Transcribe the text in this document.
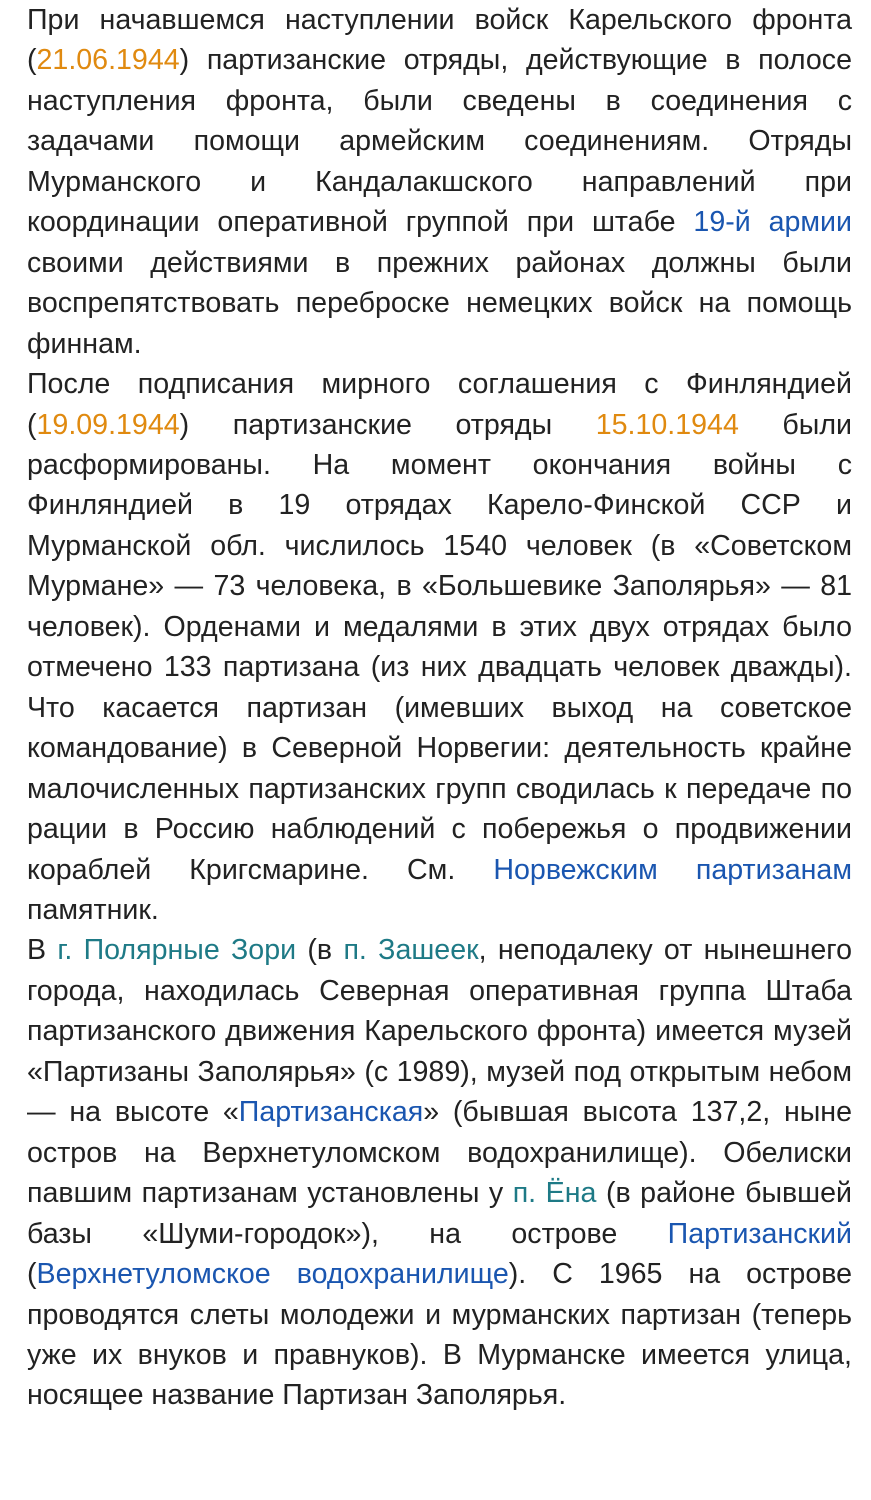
При начавшемся наступлении войск Карельского фронта (21.06.1944) партизанские отряды, действующие в полосе наступления фронта, были сведены в соединения с задачами помощи армейским соединениям. Отряды Мурманского и Кандалакшского направлений при координации оперативной группой при штабе 19-й армии своими действиями в прежних районах должны были воспрепятствовать переброске немецких войск на помощь финнам.

После подписания мирного соглашения с Финляндией (19.09.1944) партизанские отряды 15.10.1944 были расформированы. На момент окончания войны с Финляндией в 19 отрядах Карело-Финской ССР и Мурманской обл. числилось 1540 человек (в «Советском Мурмане» — 73 человека, в «Большевике Заполярья» — 81 человек). Орденами и медалями в этих двух отрядах было отмечено 133 партизана (из них двадцать человек дважды). Что касается партизан (имевших выход на советское командование) в Северной Норвегии: деятельность крайне малочисленных партизанских групп сводилась к передаче по рации в Россию наблюдений с побережья о продвижении кораблей Кригсмарине. См. Норвежским партизанам памятник.

В г. Полярные Зори (в п. Зашеек, неподалеку от нынешнего города, находилась Северная оперативная группа Штаба партизанского движения Карельского фронта) имеется музей «Партизаны Заполярья» (с 1989), музей под открытым небом — на высоте «Партизанская» (бывшая высота 137,2, ныне остров на Верхнетуломском водохранилище). Обелиски павшим партизанам установлены у п. Ёна (в районе бывшей базы «Шуми-городок»), на острове Партизанский (Верхнетуломское водохранилище). С 1965 на острове проводятся слеты молодежи и мурманских партизан (теперь уже их внуков и правнуков). В Мурманске имеется улица, носящее название Партизан Заполярья.
